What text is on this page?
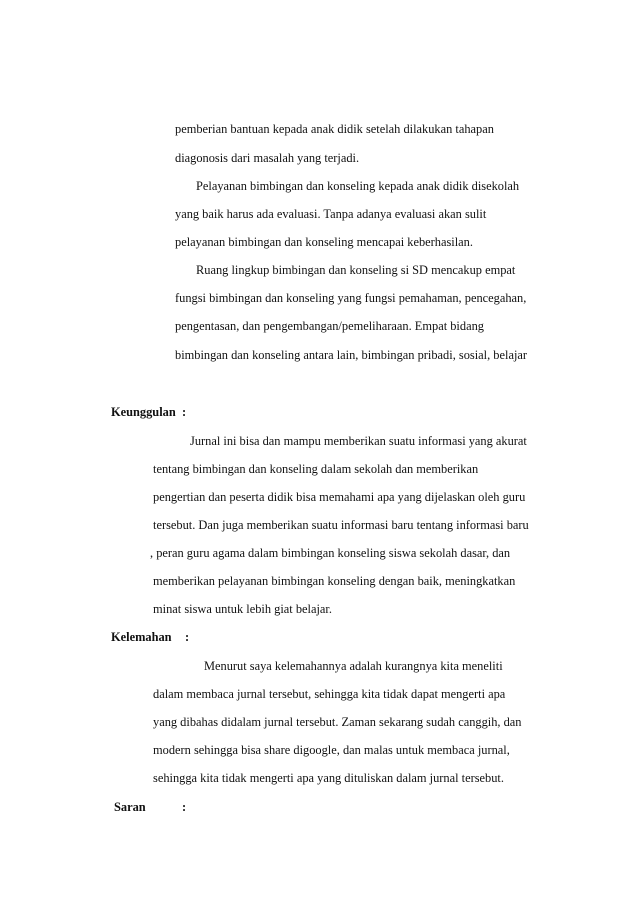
pemberian bantuan kepada anak didik setelah dilakukan tahapan
diagonosis dari masalah yang terjadi.
Pelayanan bimbingan dan konseling kepada anak didik disekolah
yang baik harus ada evaluasi. Tanpa adanya evaluasi akan sulit
pelayanan bimbingan dan konseling mencapai keberhasilan.
Ruang lingkup bimbingan dan konseling si SD mencakup empat
fungsi bimbingan dan konseling yang fungsi pemahaman, pencegahan,
pengentasan, dan pengembangan/pemeliharaan. Empat bidang
bimbingan dan konseling antara lain, bimbingan pribadi, sosial, belajar
Keunggulan :
Jurnal ini bisa dan mampu memberikan suatu informasi yang akurat
tentang bimbingan dan konseling dalam sekolah dan memberikan
pengertian dan peserta didik bisa memahami apa yang dijelaskan oleh guru
tersebut. Dan juga memberikan suatu informasi baru tentang informasi baru
, peran guru agama dalam bimbingan konseling siswa sekolah dasar, dan
memberikan pelayanan bimbingan konseling dengan baik, meningkatkan
minat siswa untuk lebih giat belajar.
Kelemahan :
Menurut saya kelemahannya adalah kurangnya kita meneliti
dalam membaca jurnal tersebut, sehingga kita tidak dapat mengerti apa
yang dibahas didalam jurnal tersebut. Zaman sekarang sudah canggih, dan
modern sehingga bisa share digoogle, dan malas untuk membaca jurnal,
sehingga kita tidak mengerti apa yang dituliskan dalam jurnal tersebut.
Saran	:
